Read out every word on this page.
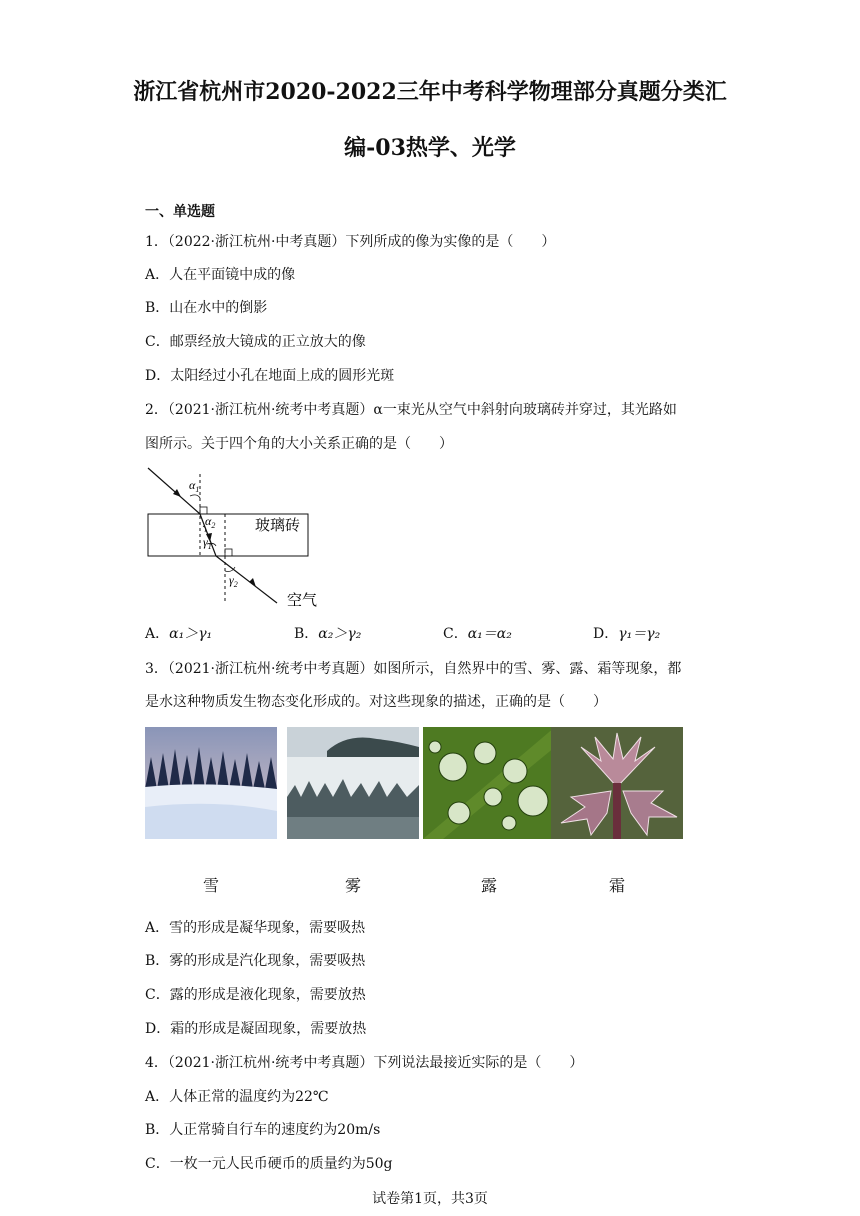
浙江省杭州市2020-2022三年中考科学物理部分真题分类汇
编-03热学、光学
一、单选题
1．（2022·浙江杭州·中考真题）下列所成的像为实像的是（　　）
A．人在平面镜中成的像
B．山在水中的倒影
C．邮票经放大镜成的正立放大的像
D．太阳经过小孔在地面上成的圆形光斑
2．（2021·浙江杭州·统考中考真题）α一束光从空气中斜射向玻璃砖并穿过，其光路如
图所示。关于四个角的大小关系正确的是（　　）
玻璃砖
空气
$\alpha_1$
$\alpha_2$
$\gamma_1$
$\gamma_2$
A．α₁＞γ₁	B．α₂＞γ₂	C．α₁＝α₂	D．γ₁＝γ₂
3．（2021·浙江杭州·统考中考真题）如图所示，自然界中的雪、雾、露、霜等现象，都
是水这种物质发生物态变化形成的。对这些现象的描述，正确的是（　　）
雪	雾	露	霜
A．雪的形成是凝华现象，需要吸热
B．雾的形成是汽化现象，需要吸热
C．露的形成是液化现象，需要放热
D．霜的形成是凝固现象，需要放热
4．（2021·浙江杭州·统考中考真题）下列说法最接近实际的是（　　）
A．人体正常的温度约为22℃
B．人正常骑自行车的速度约为20m/s
C．一枚一元人民币硬币的质量约为50g
试卷第1页，共3页
